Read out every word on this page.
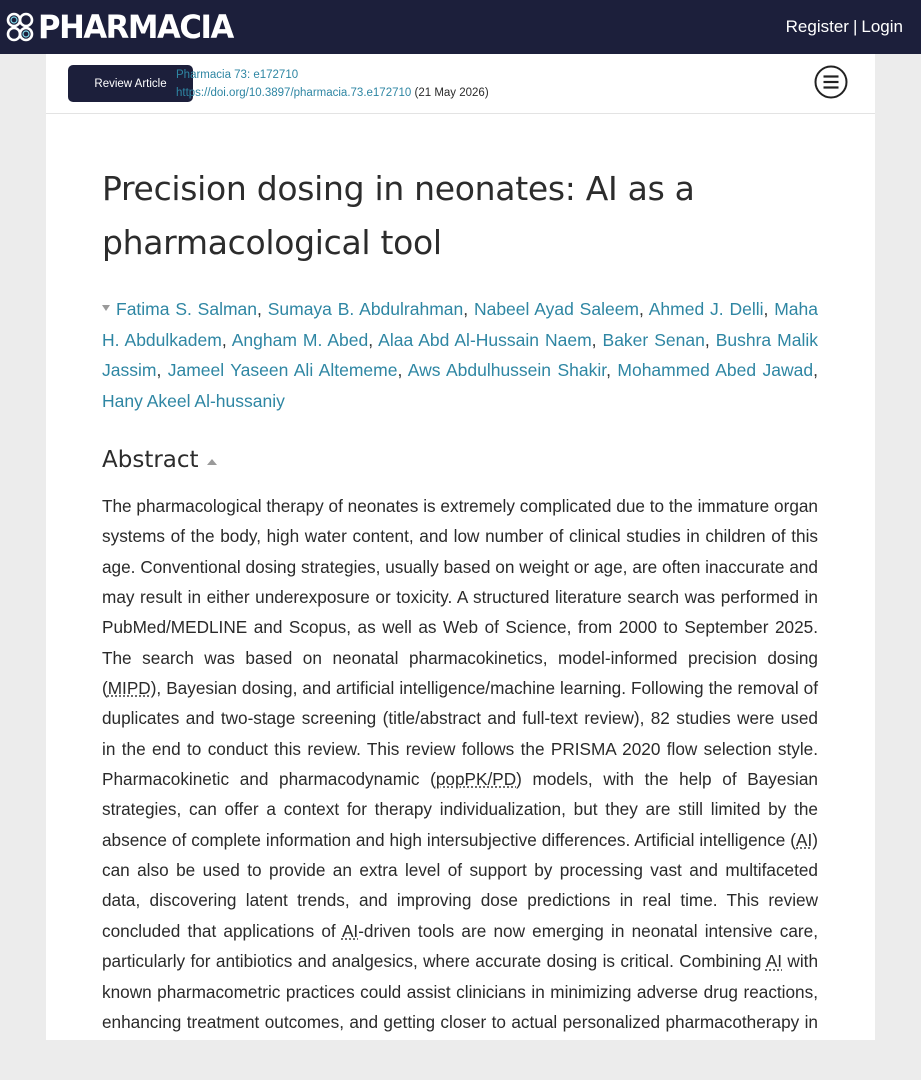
PHARMACIA	Register | Login
Review Article
Pharmacia 73: e172710
https://doi.org/10.3897/pharmacia.73.e172710 (21 May 2026)
Precision dosing in neonates: AI as a pharmacological tool

Fatima S. Salman, Sumaya B. Abdulrahman, Nabeel Ayad Saleem, Ahmed J. Delli, Maha H. Abdulkadem, Angham M. Abed, Alaa Abd Al-Hussain Naem, Baker Senan, Bushra Malik Jassim, Jameel Yaseen Ali Altememe, Aws Abdulhussein Shakir, Mohammed Abed Jawad, Hany Akeel Al-hussaniy

Abstract

The pharmacological therapy of neonates is extremely complicated due to the immature organ systems of the body, high water content, and low number of clinical studies in children of this age. Conventional dosing strategies, usually based on weight or age, are often inaccurate and may result in either underexposure or toxicity. A structured literature search was performed in PubMed/MEDLINE and Scopus, as well as Web of Science, from 2000 to September 2025. The search was based on neonatal pharmacokinetics, model-informed precision dosing (MIPD), Bayesian dosing, and artificial intelligence/machine learning. Following the removal of duplicates and two-stage screening (title/abstract and full-text review), 82 studies were used in the end to conduct this review. This review follows the PRISMA 2020 flow selection style. Pharmacokinetic and pharmacodynamic (popPK/PD) models, with the help of Bayesian strategies, can offer a context for therapy individualization, but they are still limited by the absence of complete information and high intersubjective differences. Artificial intelligence (AI) can also be used to provide an extra level of support by processing vast and multifaceted data, discovering latent trends, and improving dose predictions in real time. This review concluded that applications of AI-driven tools are now emerging in neonatal intensive care, particularly for antibiotics and analgesics, where accurate dosing is critical. Combining AI with known pharmacometric practices could assist clinicians in minimizing adverse drug reactions, enhancing treatment outcomes, and getting closer to actual personalized pharmacotherapy in
